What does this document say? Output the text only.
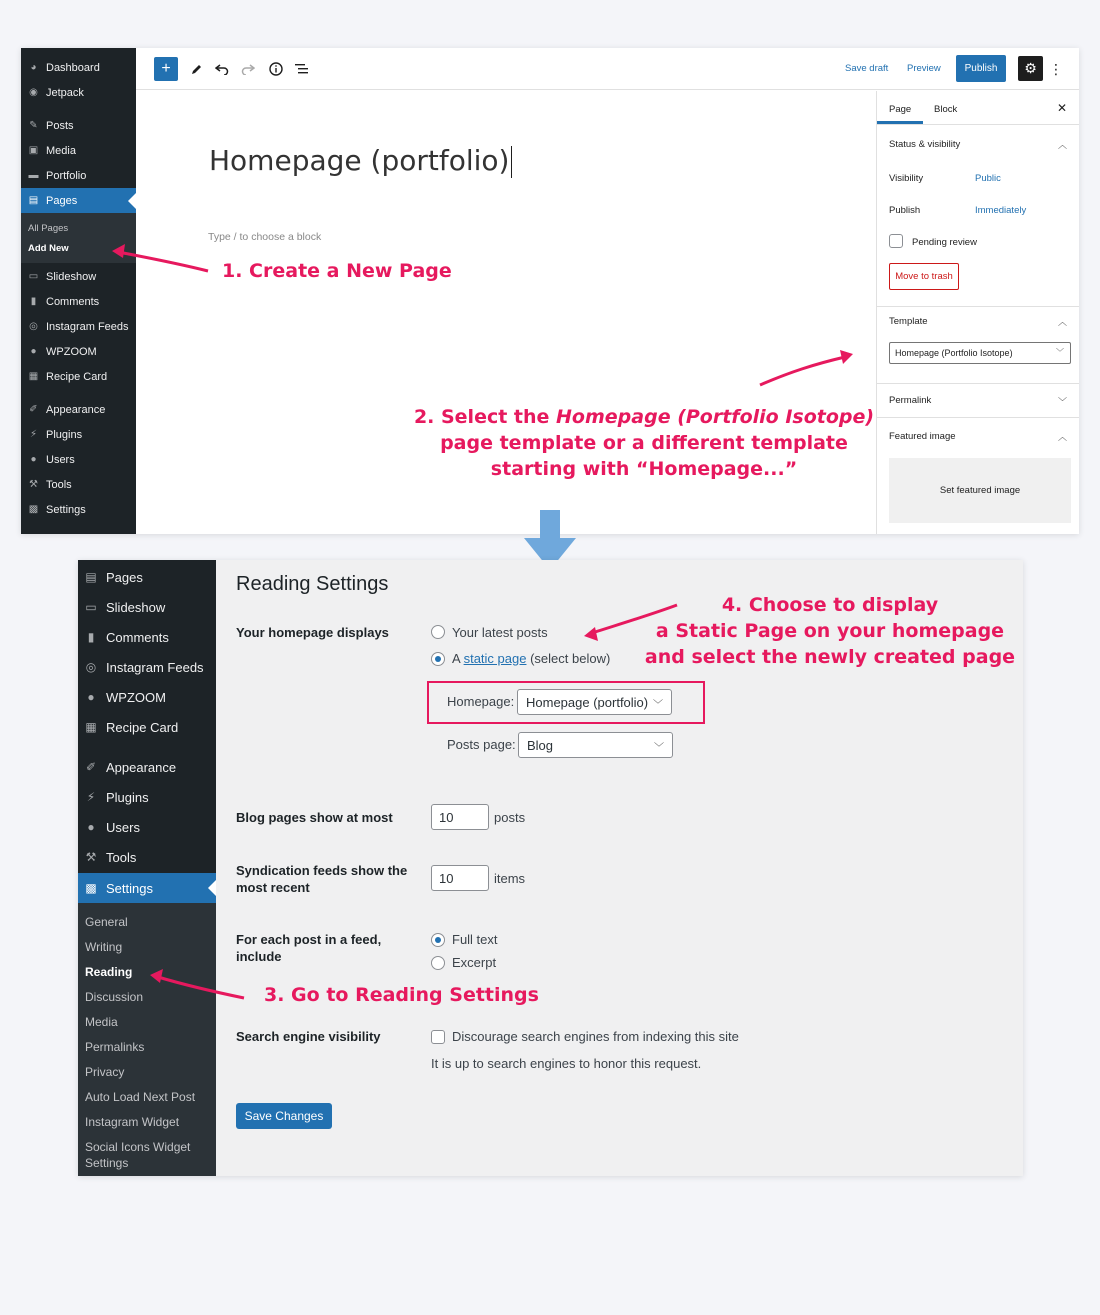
◕ Dashboard
◉ Jetpack
✎ Posts
▣ Media
▬ Portfolio
▤ Pages
All Pages
Add New
▭ Slideshow
▮ Comments
◎ Instagram Feeds
● WPZOOM
▦ Recipe Card
✐ Appearance
⚡ Plugins
● Users
⚒ Tools
▩ Settings
+	Save draft Preview Publish ⚙ ⋮
Homepage (portfolio)
Type / to choose a block
Page Block	✕
Status & visibility	︿
Visibility	Public
Publish	Immediately
Pending review
Move to trash
Template	︿
Homepage (Portfolio Isotope)	﹀
Permalink	﹀
Featured image	︿
Set featured image
▤ Pages
▭ Slideshow
▮ Comments
◎ Instagram Feeds
● WPZOOM
▦ Recipe Card
✐ Appearance
⚡ Plugins
● Users
⚒ Tools
▩ Settings
General
Writing
Reading
Discussion
Media
Permalinks
Privacy
Auto Load Next Post
Instagram Widget
Social Icons Widget
Settings
Reading Settings
Your homepage displays	Your latest posts
A static page (select below)
Homepage: Homepage (portfolio) ﹀
Posts page: Blog	﹀
Blog pages show at most	10	posts
Syndication feeds show the
most recent
10	items
For each post in a feed,
include
Full text
Excerpt
Search engine visibility	Discourage search engines from indexing this site
It is up to search engines to honor this request.
Save Changes
1. Create a New Page
2. Select the Homepage (Portfolio Isotope)
page template or a different template
starting with “Homepage...”
3. Go to Reading Settings
4. Choose to display
a Static Page on your homepage
and select the newly created page
